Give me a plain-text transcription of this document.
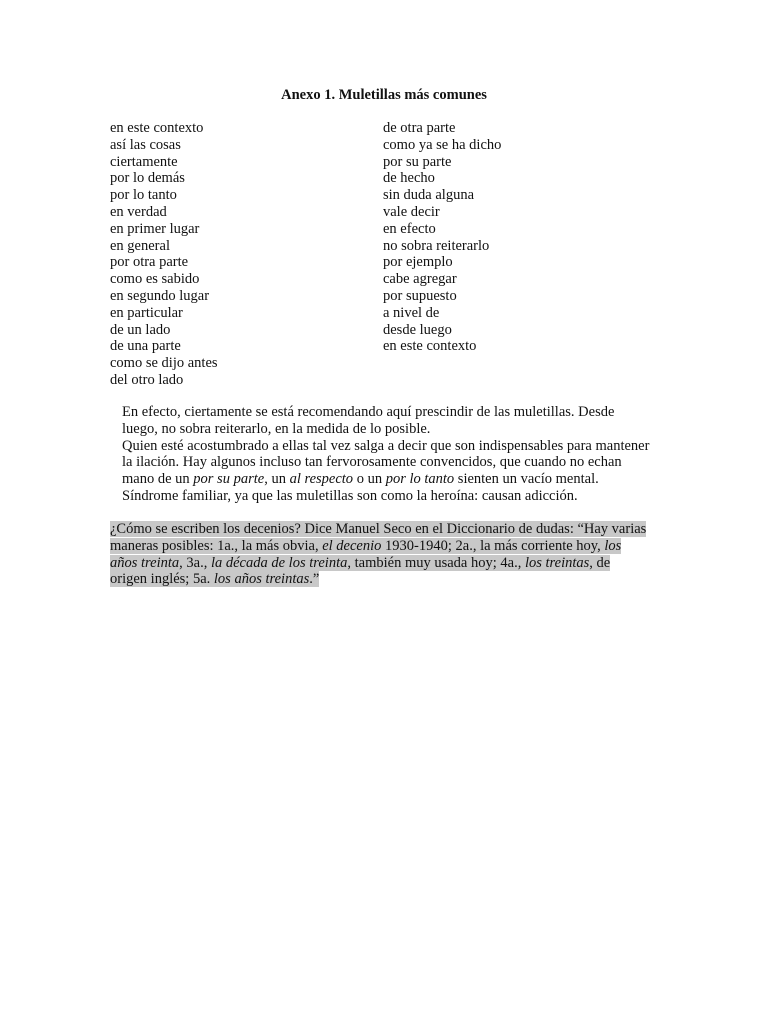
Anexo 1. Muletillas más comunes
en este contexto
así las cosas
ciertamente
por lo demás
por lo tanto
en verdad
en primer lugar
en general
por otra parte
como es sabido
en segundo lugar
en particular
de un lado
de una parte
como se dijo antes
del otro lado
de otra parte
como ya se ha dicho
por su parte
de hecho
sin duda alguna
vale decir
en efecto
no sobra reiterarlo
por ejemplo
cabe agregar
por supuesto
a nivel de
desde luego
en este contexto
En efecto, ciertamente se está recomendando aquí prescindir de las muletillas. Desde luego, no sobra reiterarlo, en la medida de lo posible.
Quien esté acostumbrado a ellas tal vez salga a decir que son indispensables para mantener la ilación. Hay algunos incluso tan fervorosamente convencidos, que cuando no echan mano de un por su parte, un al respecto o un por lo tanto sienten un vacío mental. Síndrome familiar, ya que las muletillas son como la heroína: causan adicción.
¿Cómo se escriben los decenios? Dice Manuel Seco en el Diccionario de dudas: “Hay varias maneras posibles: 1a., la más obvia, el decenio 1930-1940; 2a., la más corriente hoy, los años treinta, 3a., la década de los treinta, también muy usada hoy; 4a., los treintas, de origen inglés; 5a. los años treintas.”
